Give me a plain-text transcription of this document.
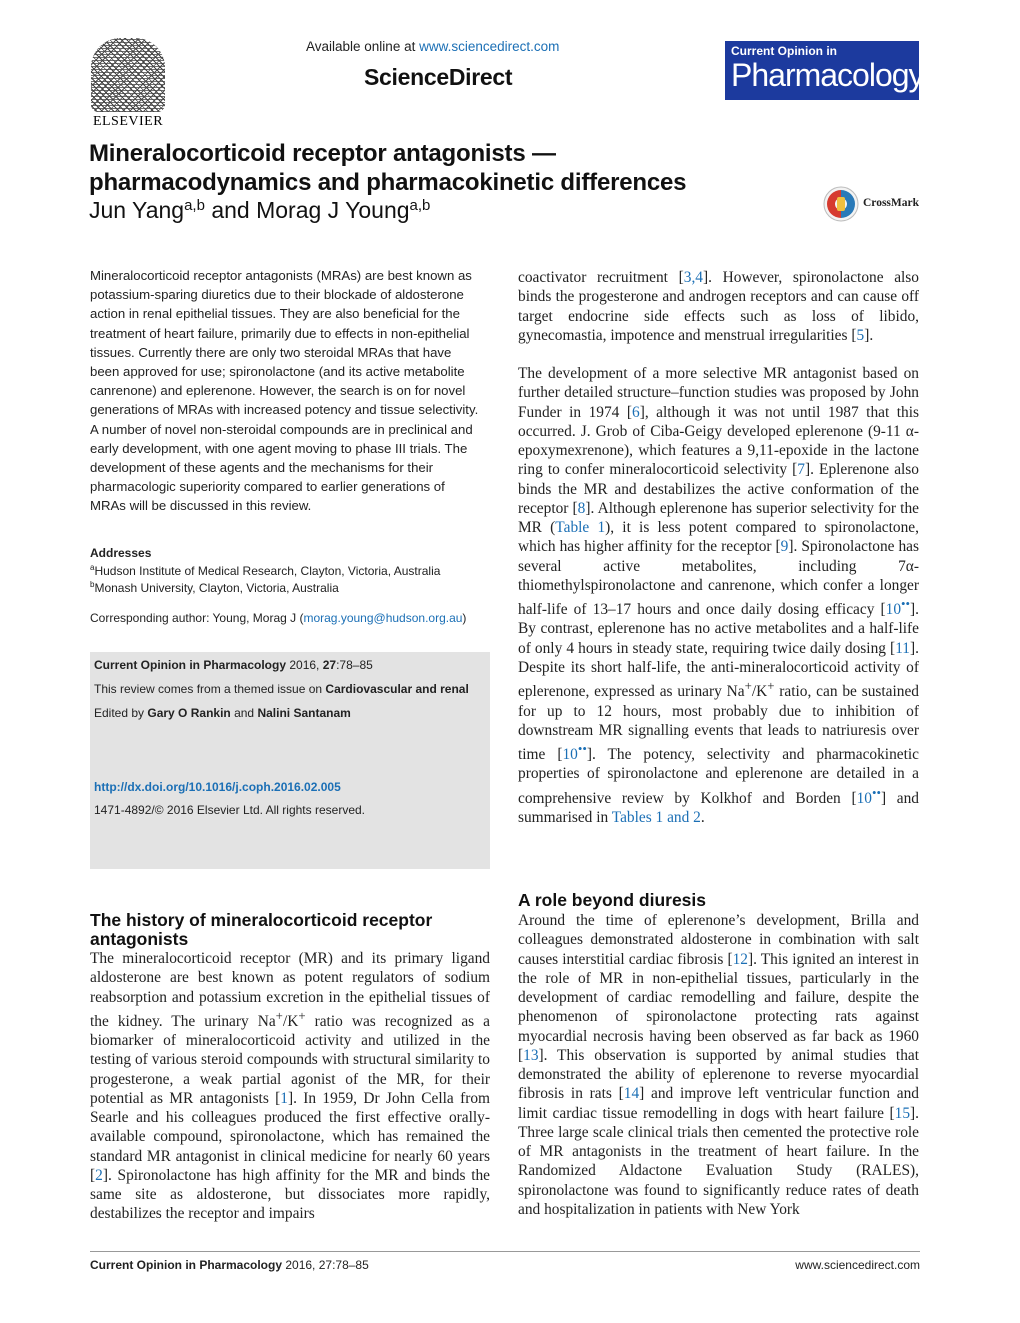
ELSEVIER
Available online at www.sciencedirect.com
ScienceDirect
Current Opinion in
Pharmacology
Mineralocorticoid receptor antagonists —
pharmacodynamics and pharmacokinetic differences
Jun Yang$^{a,b}$ and Morag J Young$^{a,b}$	CrossMark
Mineralocorticoid receptor antagonists (MRAs) are best known as potassium-sparing diuretics due to their blockade of aldosterone action in renal epithelial tissues. They are also beneficial for the treatment of heart failure, primarily due to effects in non-epithelial tissues. Currently there are only two steroidal MRAs that have been approved for use; spironolactone (and its active metabolite canrenone) and eplerenone. However, the search is on for novel generations of MRAs with increased potency and tissue selectivity. A number of novel non-steroidal compounds are in preclinical and early development, with one agent moving to phase III trials. The development of these agents and the mechanisms for their pharmacologic superiority compared to earlier generations of MRAs will be discussed in this review.
Addresses
$^a$Hudson Institute of Medical Research, Clayton, Victoria, Australia
$^b$Monash University, Clayton, Victoria, Australia
Corresponding author: Young, Morag J (morag.young@hudson.org.au)
Current Opinion in Pharmacology 2016, 27:78–85
This review comes from a themed issue on Cardiovascular and renal
Edited by Gary O Rankin and Nalini Santanam
http://dx.doi.org/10.1016/j.coph.2016.02.005
1471-4892/© 2016 Elsevier Ltd. All rights reserved.
The history of mineralocorticoid receptor antagonists
The mineralocorticoid receptor (MR) and its primary ligand aldosterone are best known as potent regulators of sodium reabsorption and potassium excretion in the epithelial tissues of the kidney. The urinary Na+/K+ ratio was recognized as a biomarker of mineralocorticoid activity and utilized in the testing of various steroid compounds with structural similarity to progesterone, a weak partial agonist of the MR, for their potential as MR antagonists [1]. In 1959, Dr John Cella from Searle and his colleagues produced the first effective orally-available compound, spironolactone, which has remained the standard MR antagonist in clinical medicine for nearly 60 years [2]. Spironolactone has high affinity for the MR and binds the same site as aldosterone, but dissociates more rapidly, destabilizes the receptor and impairs
coactivator recruitment [3,4]. However, spironolactone also binds the progesterone and androgen receptors and can cause off target endocrine side effects such as loss of libido, gynecomastia, impotence and menstrual irregularities [5].
The development of a more selective MR antagonist based on further detailed structure–function studies was proposed by John Funder in 1974 [6], although it was not until 1987 that this occurred. J. Grob of Ciba-Geigy developed eplerenone (9-11 α-epoxymexrenone), which features a 9,11-epoxide in the lactone ring to confer mineralocorticoid selectivity [7]. Eplerenone also binds the MR and destabilizes the active conformation of the receptor [8]. Although eplerenone has superior selectivity for the MR (Table 1), it is less potent compared to spironolactone, which has higher affinity for the receptor [9]. Spironolactone has several active metabolites, including 7α-thiomethylspironolactone and canrenone, which confer a longer half-life of 13–17 hours and once daily dosing efficacy [10••]. By contrast, eplerenone has no active metabolites and a half-life of only 4 hours in steady state, requiring twice daily dosing [11]. Despite its short half-life, the anti-mineralocorticoid activity of eplerenone, expressed as urinary Na+/K+ ratio, can be sustained for up to 12 hours, most probably due to inhibition of downstream MR signalling events that leads to natriuresis over time [10••]. The potency, selectivity and pharmacokinetic properties of spironolactone and eplerenone are detailed in a comprehensive review by Kolkhof and Borden [10••] and summarised in Tables 1 and 2.
A role beyond diuresis
Around the time of eplerenone’s development, Brilla and colleagues demonstrated aldosterone in combination with salt causes interstitial cardiac fibrosis [12]. This ignited an interest in the role of MR in non-epithelial tissues, particularly in the development of cardiac remodelling and failure, despite the phenomenon of spironolactone protecting rats against myocardial necrosis having been observed as far back as 1960 [13]. This observation is supported by animal studies that demonstrated the ability of eplerenone to reverse myocardial fibrosis in rats [14] and improve left ventricular function and limit cardiac tissue remodelling in dogs with heart failure [15]. Three large scale clinical trials then cemented the protective role of MR antagonists in the treatment of heart failure. In the Randomized Aldactone Evaluation Study (RALES), spironolactone was found to significantly reduce rates of death and hospitalization in patients with New York
Current Opinion in Pharmacology 2016, 27:78–85	www.sciencedirect.com
